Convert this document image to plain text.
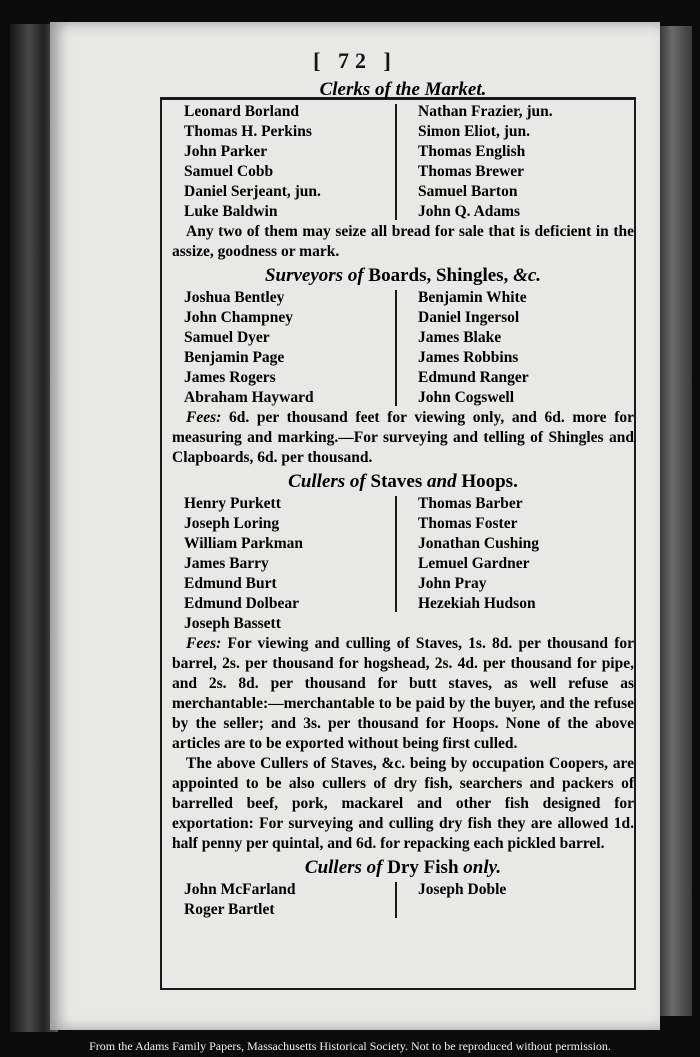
[ 72 ]

Clerks of the Market.

Leonard Borland
Thomas H. Perkins
John Parker
Samuel Cobb
Daniel Serjeant, jun.
Luke Baldwin
Nathan Frazier, jun.
Simon Eliot, jun.
Thomas English
Thomas Brewer
Samuel Barton
John Q. Adams

Any two of them may seize all bread for sale that is deficient in the assize, goodness or mark.

Surveyors of Boards, Shingles, &c.

Joshua Bentley
John Champney
Samuel Dyer
Benjamin Page
James Rogers
Abraham Hayward
Benjamin White
Daniel Ingersol
James Blake
James Robbins
Edmund Ranger
John Cogswell

Fees: 6d. per thousand feet for viewing only, and 6d. more for measuring and marking.—For surveying and telling of Shingles and Clapboards, 6d. per thousand.

Cullers of Staves and Hoops.

Henry Purkett
Joseph Loring
William Parkman
James Barry
Edmund Burt
Edmund Dolbear
Joseph Bassett
Thomas Barber
Thomas Foster
Jonathan Cushing
Lemuel Gardner
John Pray
Hezekiah Hudson

Fees: For viewing and culling of Staves, 1s. 8d. per thousand for barrel, 2s. per thousand for hogshead, 2s. 4d. per thousand for pipe, and 2s. 8d. per thousand for butt staves, as well refuse as merchantable:—merchantable to be paid by the buyer, and the refuse by the seller; and 3s. per thousand for Hoops. None of the above articles are to be exported without being first culled.

The above Cullers of Staves, &c. being by occupation Coopers, are appointed to be also cullers of dry fish, searchers and packers of barrelled beef, pork, mackarel and other fish designed for exportation: For surveying and culling dry fish they are allowed 1d. half penny per quintal, and 6d. for repacking each pickled barrel.

Cullers of Dry Fish only.

John McFarland
Roger Bartlet
Joseph Doble
From the Adams Family Papers, Massachusetts Historical Society. Not to be reproduced without permission.
